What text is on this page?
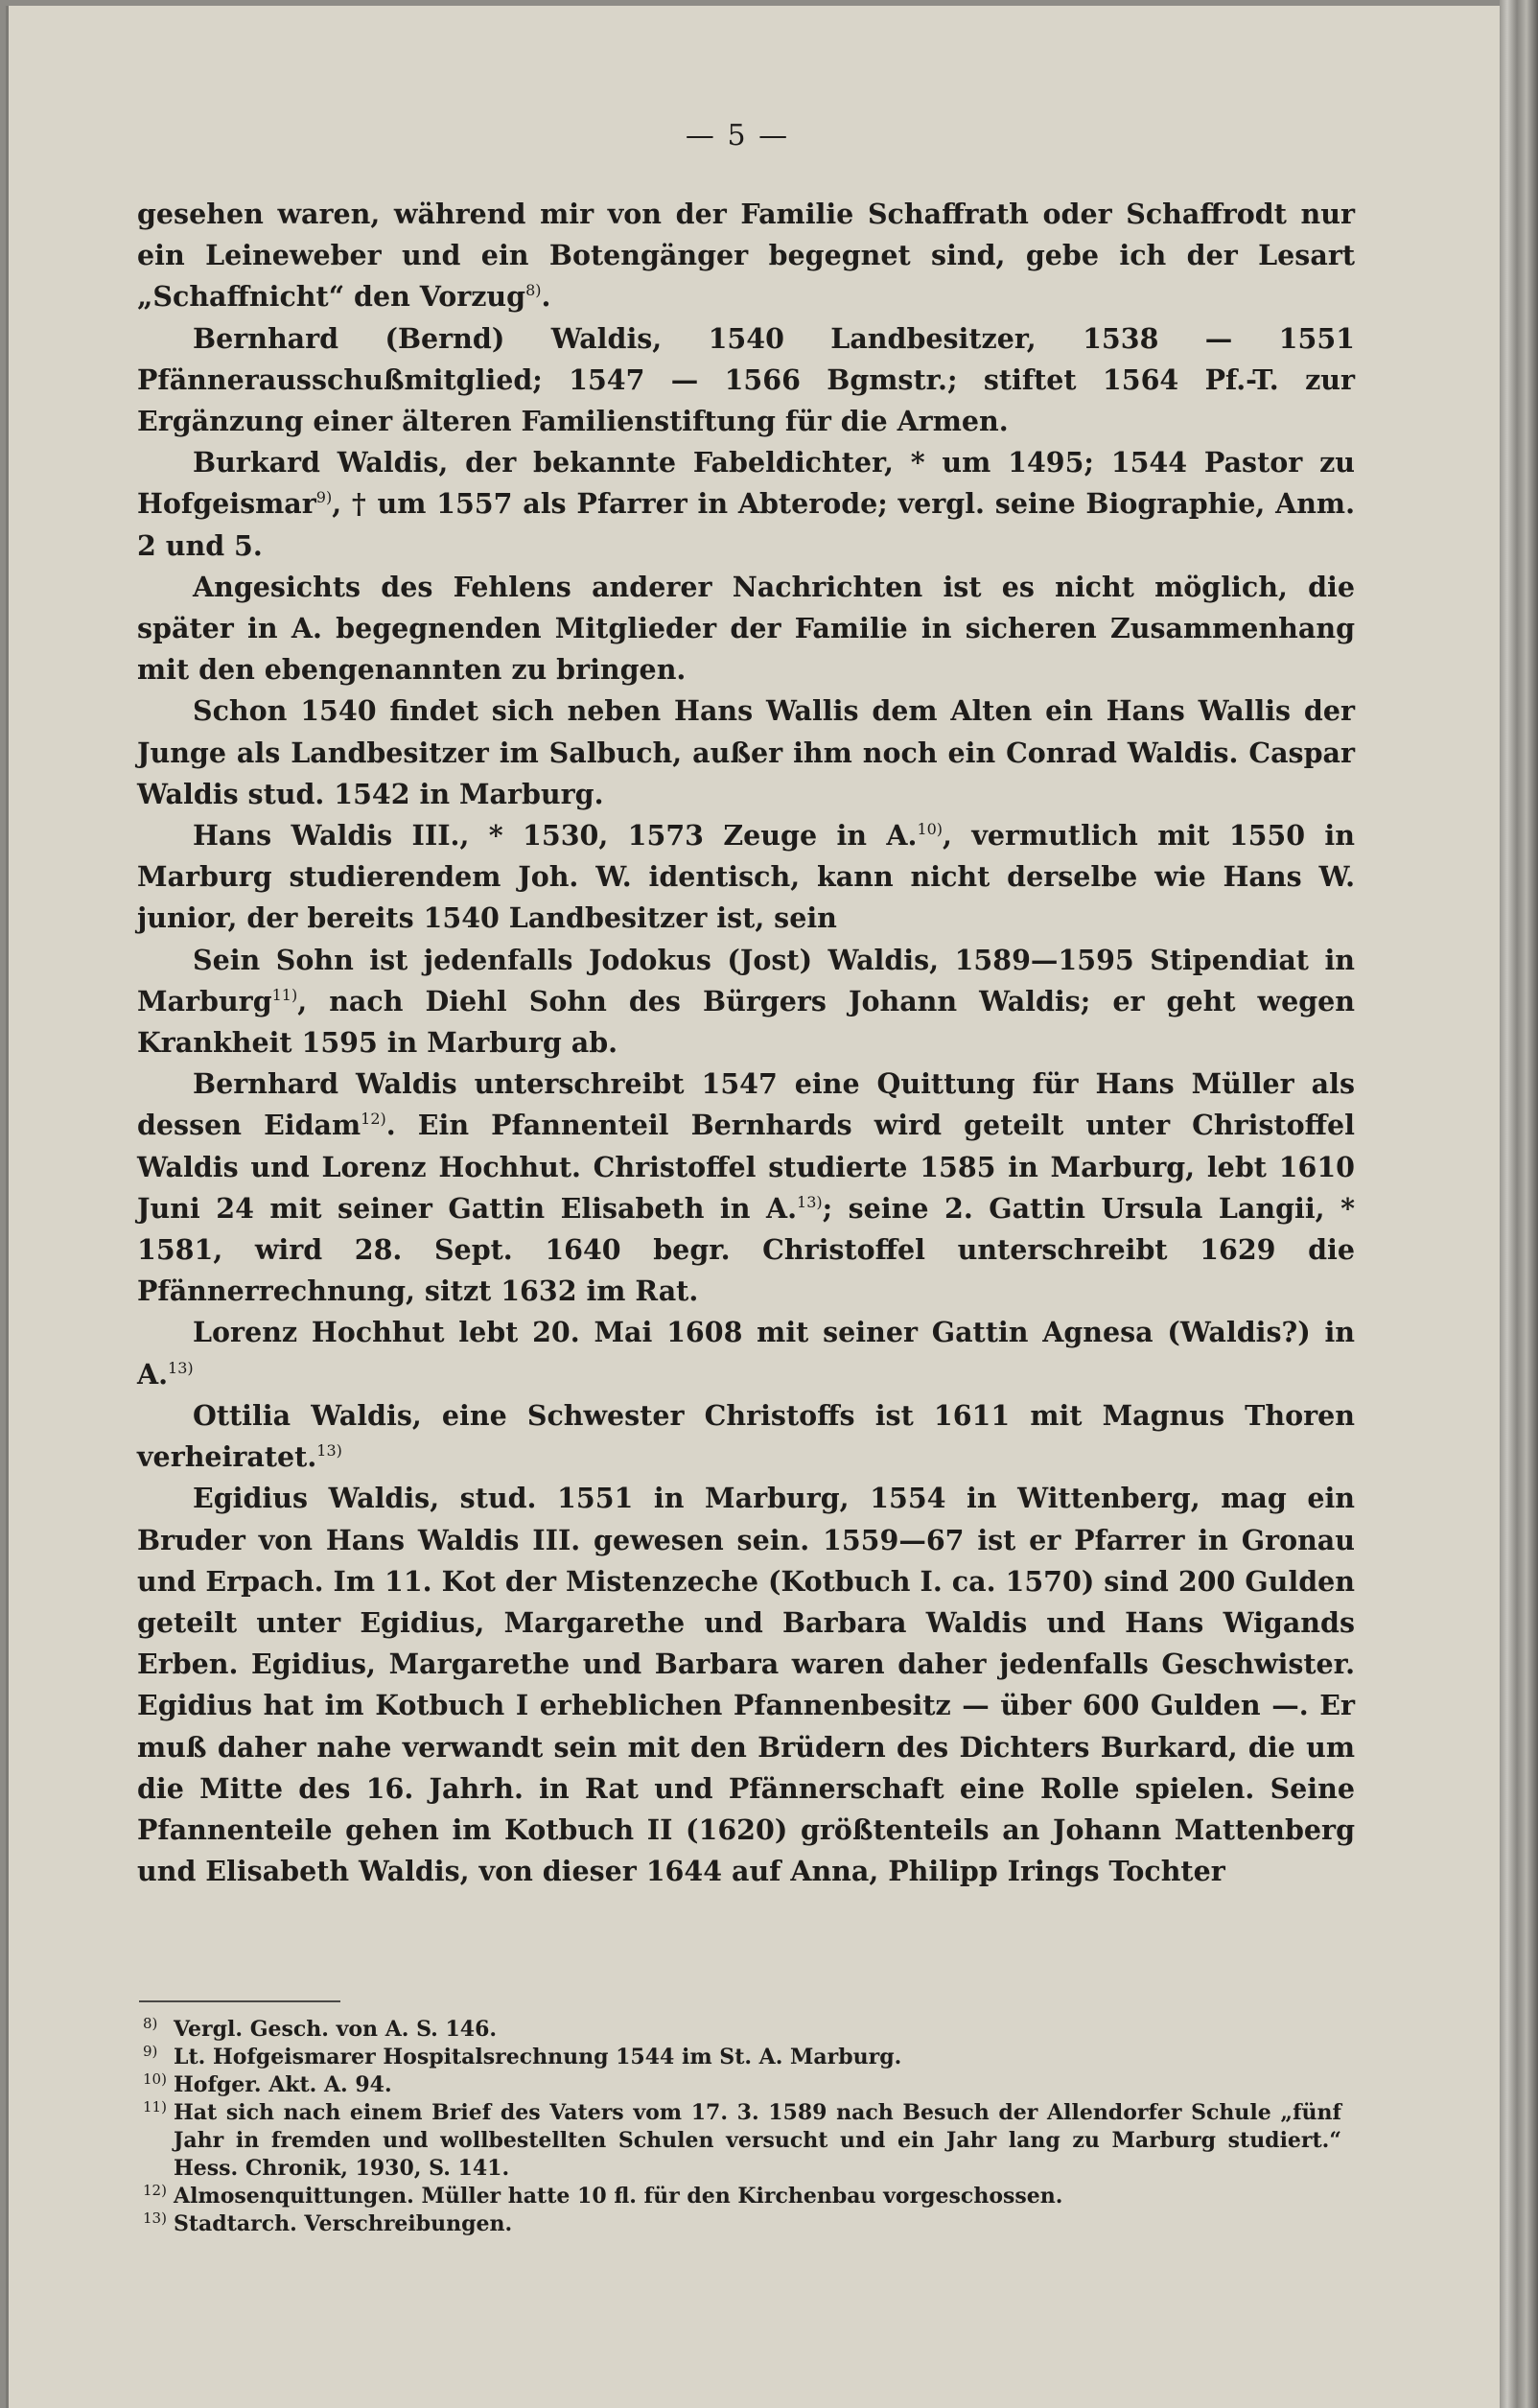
— 5 —

gesehen waren, während mir von der Familie Schaffrath oder Schaffrodt nur ein Leineweber und ein Botengänger begegnet sind, gebe ich der Lesart „Schaffnicht“ den Vorzug$^{8)}$.

Bernhard (Bernd) Waldis, 1540 Landbesitzer, 1538 — 1551 Pfännerausschußmitglied; 1547 — 1566 Bgmstr.; stiftet 1564 Pf.-T. zur Ergänzung einer älteren Familienstiftung für die Armen.

Burkard Waldis, der bekannte Fabeldichter, * um 1495; 1544 Pastor zu Hofgeismar$^{9)}$, † um 1557 als Pfarrer in Abterode; vergl. seine Biographie, Anm. 2 und 5.

Angesichts des Fehlens anderer Nachrichten ist es nicht möglich, die später in A. begegnenden Mitglieder der Familie in sicheren Zusammenhang mit den ebengenannten zu bringen.

Schon 1540 findet sich neben Hans Wallis dem Alten ein Hans Wallis der Junge als Landbesitzer im Salbuch, außer ihm noch ein Conrad Waldis. Caspar Waldis stud. 1542 in Marburg.

Hans Waldis III., * 1530, 1573 Zeuge in A.$^{10)}$, vermutlich mit 1550 in Marburg studierendem Joh. W. identisch, kann nicht derselbe wie Hans W. junior, der bereits 1540 Landbesitzer ist, sein

Sein Sohn ist jedenfalls Jodokus (Jost) Waldis, 1589—1595 Stipendiat in Marburg$^{11)}$, nach Diehl Sohn des Bürgers Johann Waldis; er geht wegen Krankheit 1595 in Marburg ab.

Bernhard Waldis unterschreibt 1547 eine Quittung für Hans Müller als dessen Eidam$^{12)}$. Ein Pfannenteil Bernhards wird geteilt unter Christoffel Waldis und Lorenz Hochhut. Christoffel studierte 1585 in Marburg, lebt 1610 Juni 24 mit seiner Gattin Elisabeth in A.$^{13)}$; seine 2. Gattin Ursula Langii, * 1581, wird 28. Sept. 1640 begr. Christoffel unterschreibt 1629 die Pfännerrechnung, sitzt 1632 im Rat.

Lorenz Hochhut lebt 20. Mai 1608 mit seiner Gattin Agnesa (Waldis?) in A.$^{13)}$

Ottilia Waldis, eine Schwester Christoffs ist 1611 mit Magnus Thoren verheiratet.$^{13)}$

Egidius Waldis, stud. 1551 in Marburg, 1554 in Wittenberg, mag ein Bruder von Hans Waldis III. gewesen sein. 1559—67 ist er Pfarrer in Gronau und Erpach. Im 11. Kot der Mistenzeche (Kotbuch I. ca. 1570) sind 200 Gulden geteilt unter Egidius, Margarethe und Barbara Waldis und Hans Wigands Erben. Egidius, Margarethe und Barbara waren daher jedenfalls Geschwister. Egidius hat im Kotbuch I erheblichen Pfannenbesitz — über 600 Gulden —. Er muß daher nahe verwandt sein mit den Brüdern des Dichters Burkard, die um die Mitte des 16. Jahrh. in Rat und Pfännerschaft eine Rolle spielen. Seine Pfannenteile gehen im Kotbuch II (1620) größtenteils an Johann Mattenberg und Elisabeth Waldis, von dieser 1644 auf Anna, Philipp Irings Tochter

8) Vergl. Gesch. von A. S. 146.
9) Lt. Hofgeismarer Hospitalsrechnung 1544 im St. A. Marburg.
10) Hofger. Akt. A. 94.
11) Hat sich nach einem Brief des Vaters vom 17. 3. 1589 nach Besuch der Allendorfer Schule „fünf Jahr in fremden und wollbestellten Schulen versucht und ein Jahr lang zu Marburg studiert.“ Hess. Chronik, 1930, S. 141.
12) Almosenquittungen. Müller hatte 10 fl. für den Kirchenbau vorgeschossen.
13) Stadtarch. Verschreibungen.
